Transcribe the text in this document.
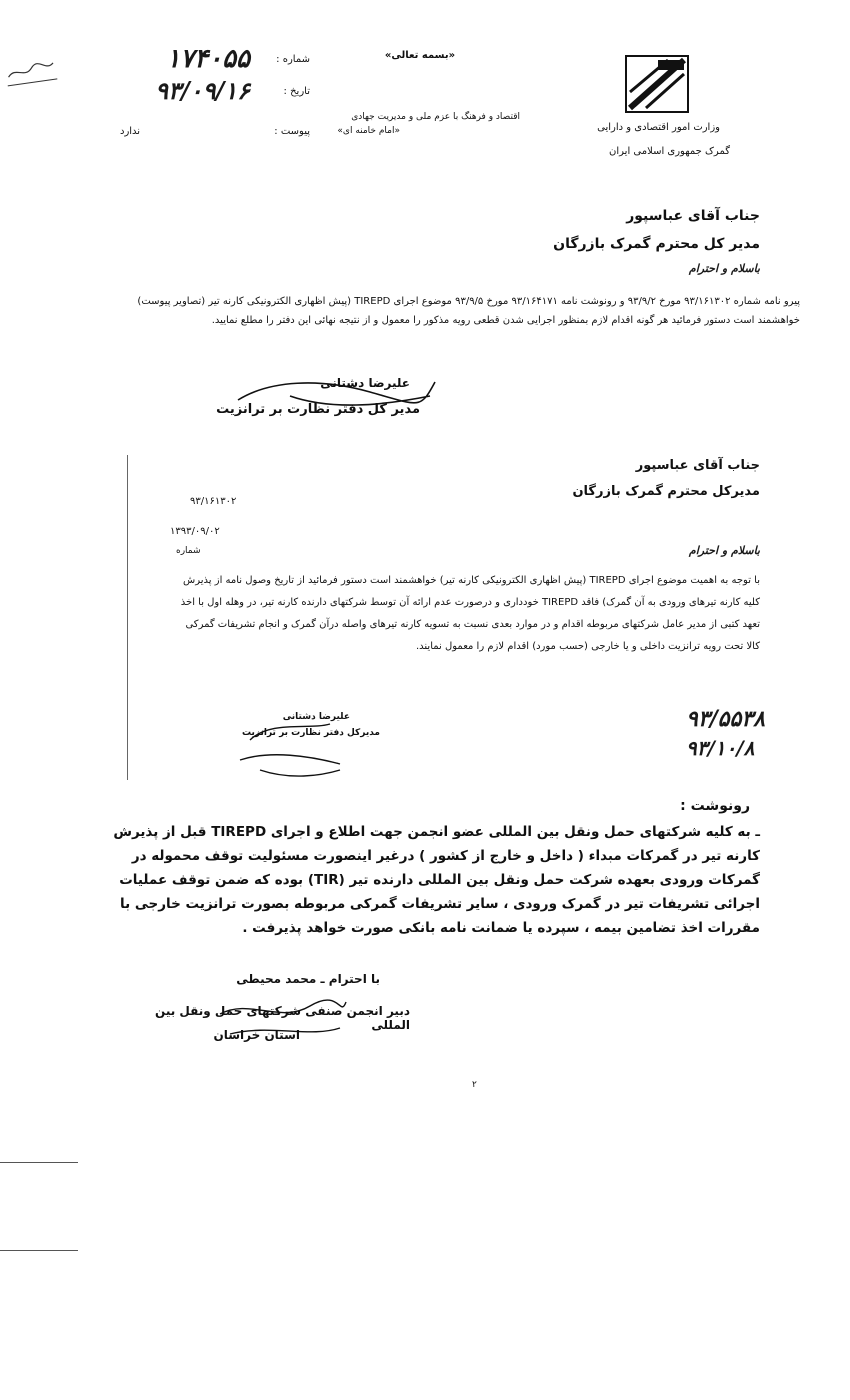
«بسمه تعالی»
شماره :
۱۷۴۰۵۵
تاریخ :
۹۳/۰۹/۱۶
ندارد	پیوست :
اقتصاد و فرهنگ با عزم ملی و مدیریت جهادی
«امام خامنه ای»	وزارت امور اقتصادی و دارایی
گمرک جمهوری اسلامی ایران
جناب آقای عباسپور
مدیر کل محترم گمرک بازرگان
باسلام و احترام
پیرو نامه شماره ۹۳/۱۶۱۳۰۲ مورخ ۹۳/۹/۲ و رونوشت نامه ۹۳/۱۶۴۱۷۱ مورخ ۹۳/۹/۵ موضوع اجرای TIREPD (پیش اظهاری الکترونیکی کارنه تیر (تصاویر پیوست) خواهشمند است دستور فرمائید هر گونه اقدام لازم بمنظور اجرایی شدن قطعی رویه مذکور را معمول و از نتیجه نهائی این دفتر را مطلع نمایید.
علیرضا دشتانی
مدیر کل دفتر نظارت بر ترانزیت
جناب آقای عباسپور
مدیرکل محترم گمرک بازرگان
۹۳/۱۶۱۳۰۲
۱۳۹۳/۰۹/۰۲
شماره	باسلام و احترام
با توجه به اهمیت موضوع اجرای TIREPD (پیش اظهاری الکترونیکی کارنه تیر) خواهشمند است دستور فرمائید از تاریخ وصول نامه از پذیرش کلیه کارنه تیرهای ورودی به آن گمرک) فاقد TIREPD خودداری و درصورت عدم ارائه آن توسط شرکتهای دارنده کارنه تیر، در وهله اول با اخذ تعهد کتبی از مدیر عامل شرکتهای مربوطه اقدام و در موارد بعدی نسبت به تسویه کارنه تیرهای واصله درآن گمرک و انجام تشریفات گمرکی کالا تحت رویه ترانزیت داخلی و یا خارجی (حسب مورد) اقدام لازم را معمول نمایند.
علیرضا دشتانی
مدیرکل دفتر نظارت بر ترانزیت
۹۳/۵۵۳۸
۹۳/۱۰/۸
رونوشت :
ـ به کلیه شرکتهای حمل ونقل بین المللی عضو انجمن جهت اطلاع و اجرای TIREPD قبل از پذیرش کارنه تیر در گمرکات مبداء ( داخل و خارج از کشور ) درغیر اینصورت مسئولیت توقف محموله در گمرکات ورودی بعهده شرکت حمل ونقل بین المللی دارنده تیر (TIR) بوده که ضمن توقف عملیات اجرائی تشریفات تیر در گمرک ورودی ، سایر تشریفات گمرکی مربوطه بصورت ترانزیت خارجی با مقررات اخذ تضامین بیمه ، سپرده یا ضمانت نامه بانکی صورت خواهد پذیرفت .
با احترام ـ محمد محیطی
دبیر انجمن صنفی شرکتهای حمل ونقل بین المللی
استان خراسان
۲
